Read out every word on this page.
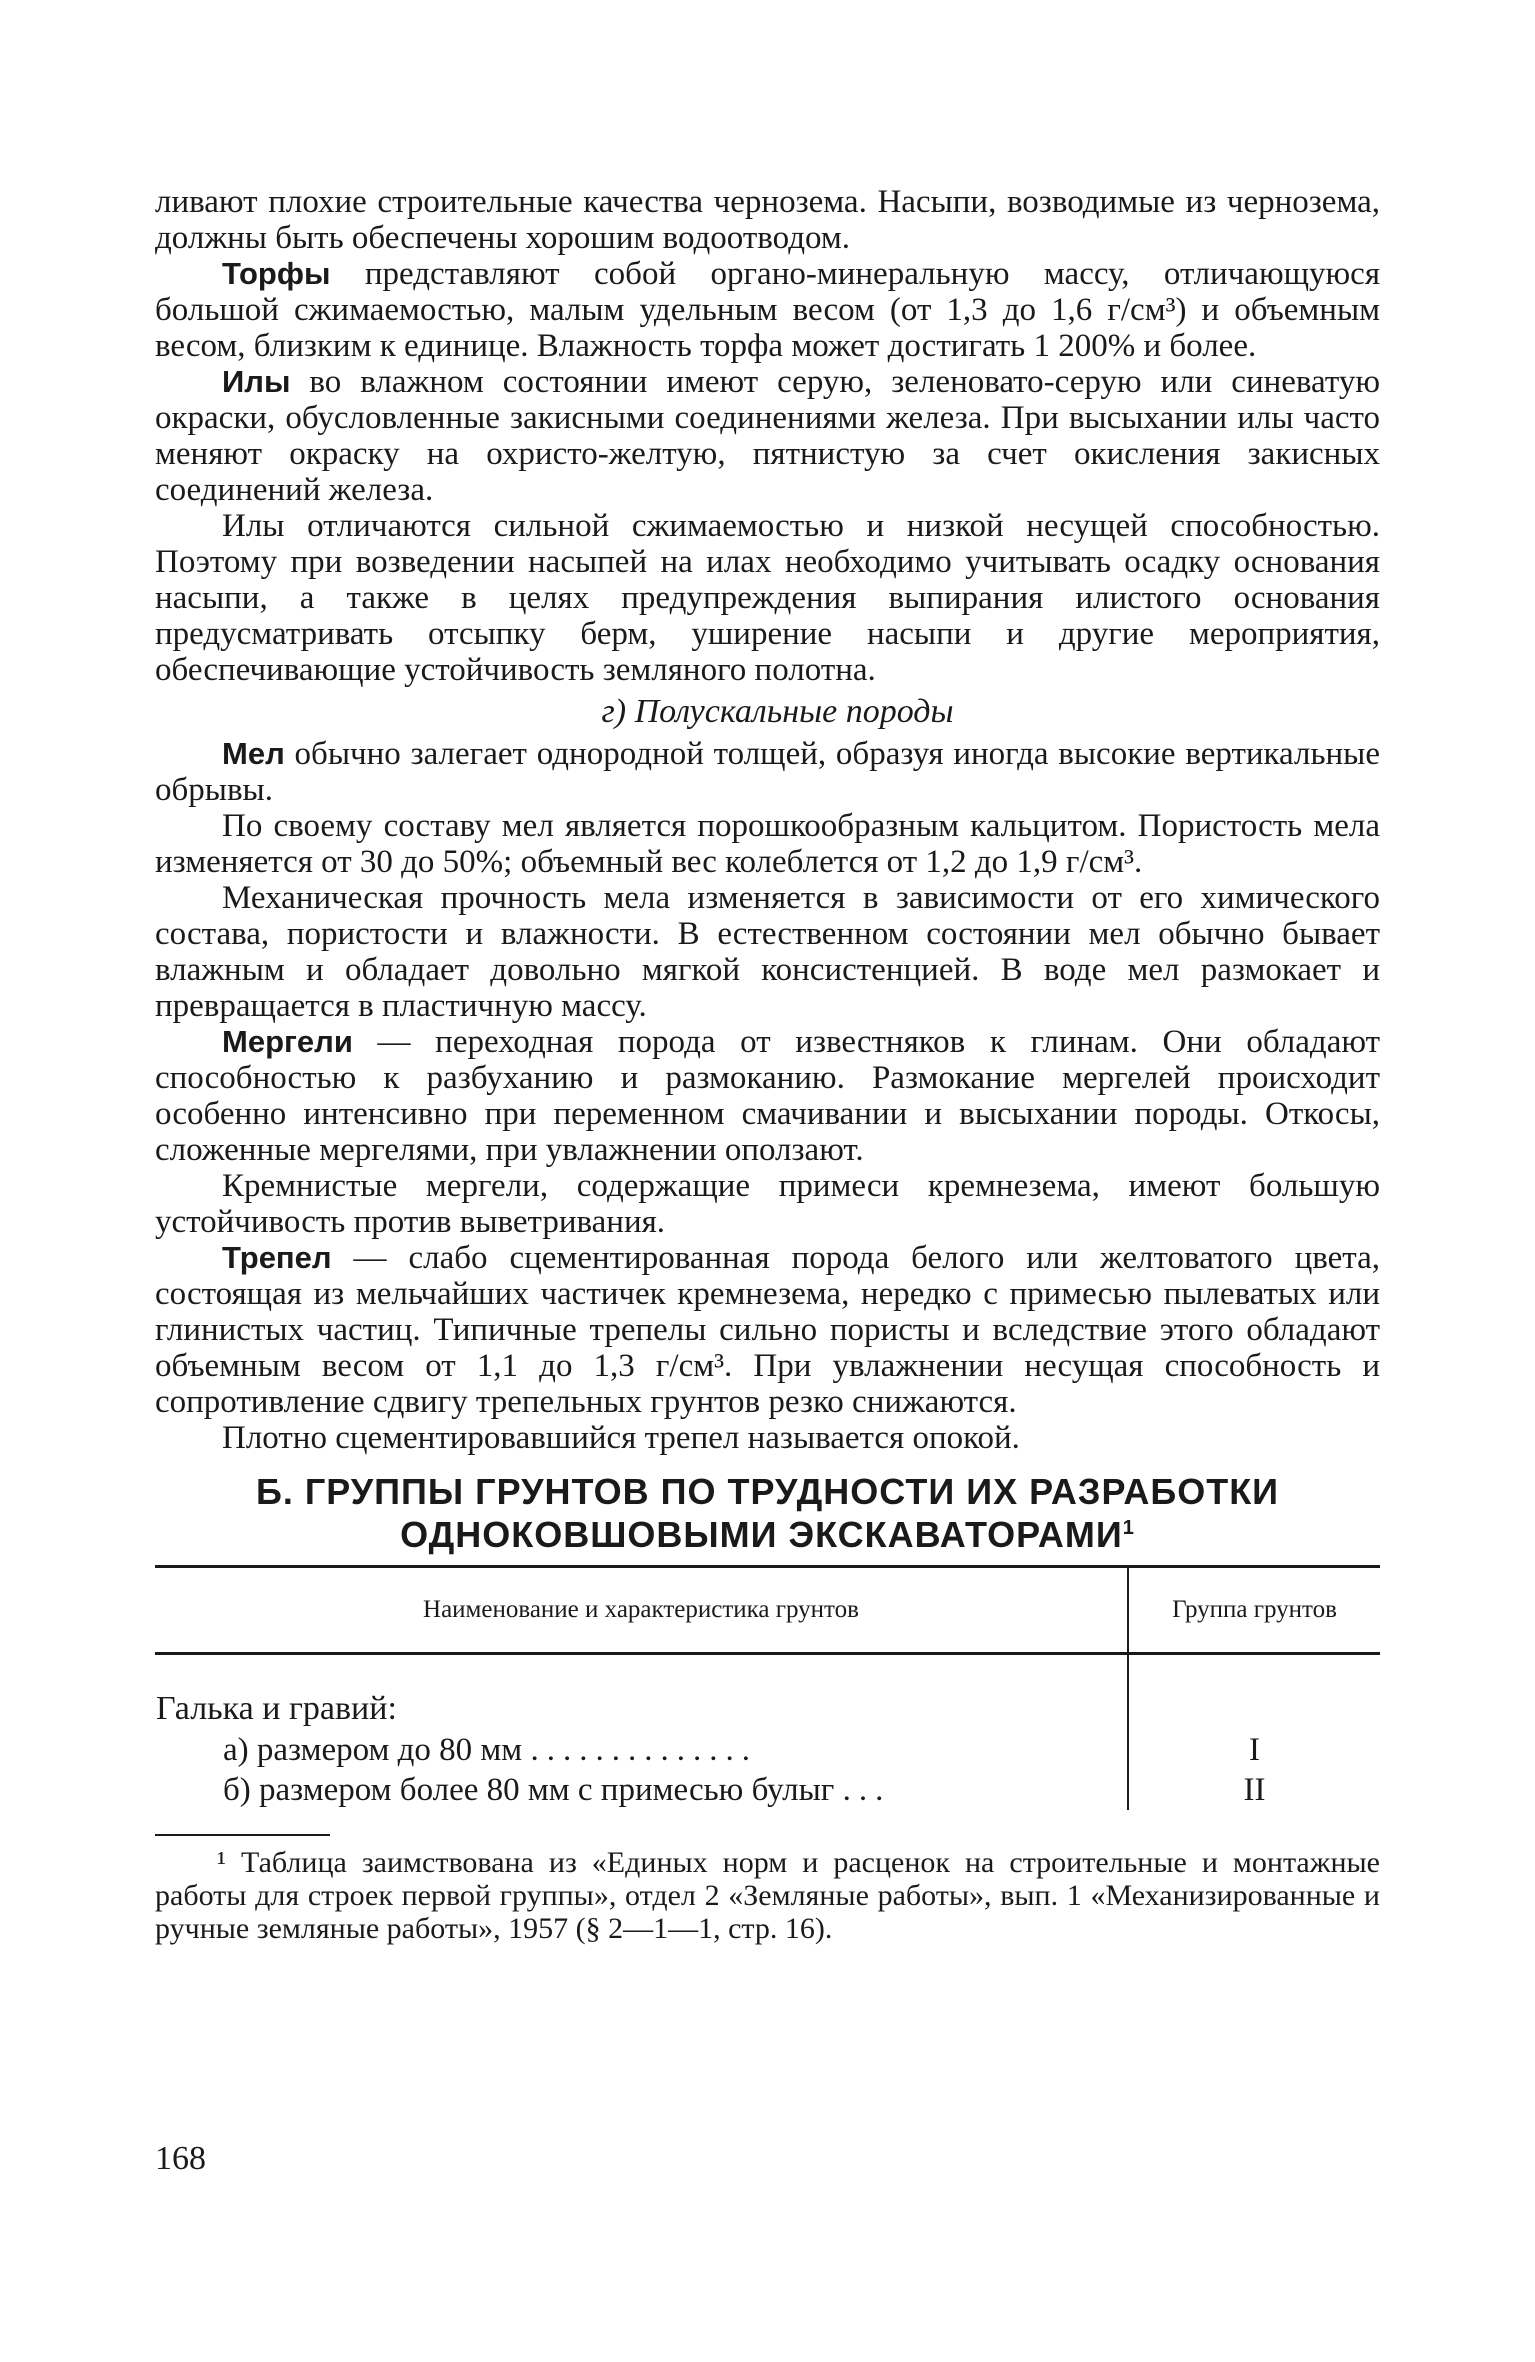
ливают плохие строительные качества чернозема. Насыпи, возводимые из чернозема, должны быть обеспечены хорошим водоотводом.

Торфы представляют собой органо-минеральную массу, отличающуюся большой сжимаемостью, малым удельным весом (от 1,3 до 1,6 г/см³) и объемным весом, близким к единице. Влажность торфа может достигать 1 200% и более.

Илы во влажном состоянии имеют серую, зеленовато-серую или синеватую окраски, обусловленные закисными соединениями железа. При высыхании илы часто меняют окраску на охристо-желтую, пятнистую за счет окисления закисных соединений железа.

Илы отличаются сильной сжимаемостью и низкой несущей способностью. Поэтому при возведении насыпей на илах необходимо учитывать осадку основания насыпи, а также в целях предупреждения выпирания илистого основания предусматривать отсыпку берм, уширение насыпи и другие мероприятия, обеспечивающие устойчивость земляного полотна.

г) Полускальные породы

Мел обычно залегает однородной толщей, образуя иногда высокие вертикальные обрывы.

По своему составу мел является порошкообразным кальцитом. Пористость мела изменяется от 30 до 50%; объемный вес колеблется от 1,2 до 1,9 г/см³.

Механическая прочность мела изменяется в зависимости от его химического состава, пористости и влажности. В естественном состоянии мел обычно бывает влажным и обладает довольно мягкой консистенцией. В воде мел размокает и превращается в пластичную массу.

Мергели — переходная порода от известняков к глинам. Они обладают способностью к разбуханию и размоканию. Размокание мергелей происходит особенно интенсивно при переменном смачивании и высыхании породы. Откосы, сложенные мергелями, при увлажнении оползают.

Кремнистые мергели, содержащие примеси кремнезема, имеют большую устойчивость против выветривания.

Трепел — слабо сцементированная порода белого или желтоватого цвета, состоящая из мельчайших частичек кремнезема, нередко с примесью пылеватых или глинистых частиц. Типичные трепелы сильно пористы и вследствие этого обладают объемным весом от 1,1 до 1,3 г/см³. При увлажнении несущая способность и сопротивление сдвигу трепельных грунтов резко снижаются.

Плотно сцементировавшийся трепел называется опокой.

Б. ГРУППЫ ГРУНТОВ ПО ТРУДНОСТИ ИХ РАЗРАБОТКИ
ОДНОКОВШОВЫМИ ЭКСКАВАТОРАМИ$^1$
Наименование и характеристика грунтов	Группа грунтов
Галька и гравий:	
а) размером до 80 мм ..............	I
б) размером более 80 мм с примесью булыг ...	II

¹ Таблица заимствована из «Единых норм и расценок на строительные и монтажные работы для строек первой группы», отдел 2 «Земляные работы», вып. 1 «Механизированные и ручные земляные работы», 1957 (§ 2—1—1, стр. 16).

168
